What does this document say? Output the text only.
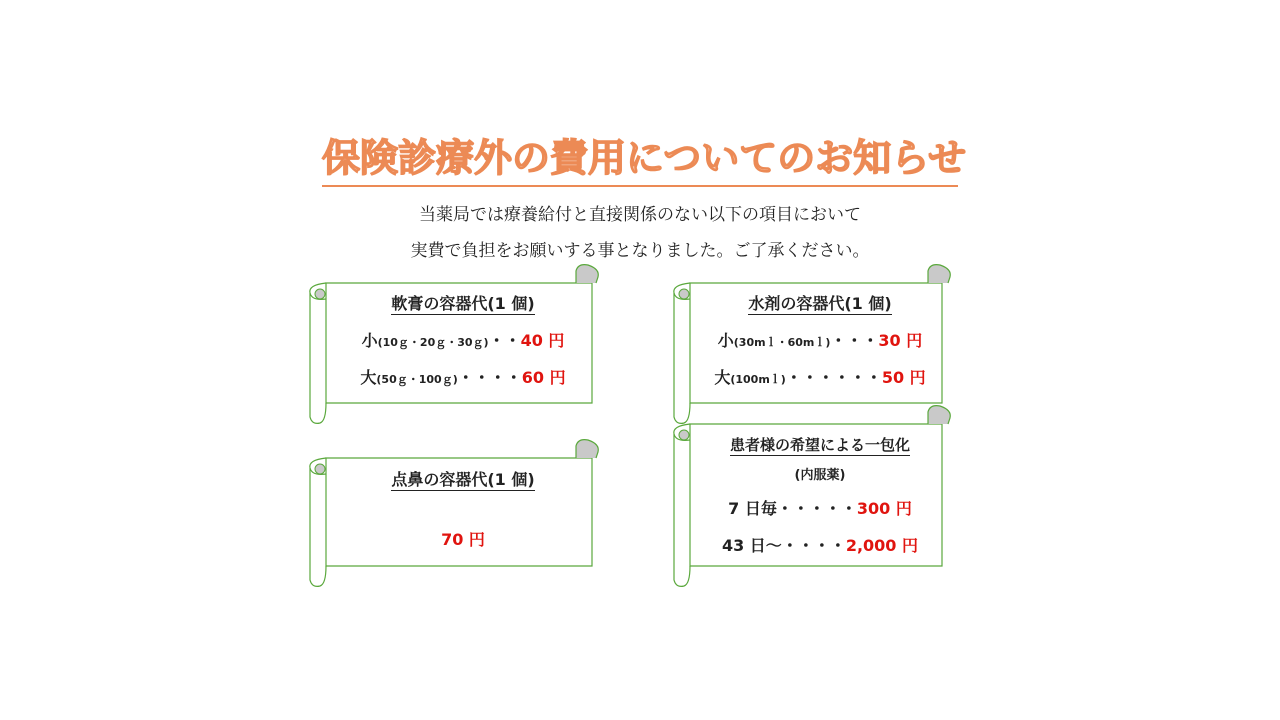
保険診療外の費用についてのお知らせ
当薬局では療養給付と直接関係のない以下の項目において
実費で負担をお願いする事となりました。ご了承ください。
軟膏の容器代(1 個)
小(10ｇ・20ｇ・30ｇ)・・40 円
大(50ｇ・100ｇ)・・・・60 円
水剤の容器代(1 個)
小(30mｌ・60mｌ)・・・30 円
大(100mｌ)・・・・・・50 円
点鼻の容器代(1 個)
70 円
患者様の希望による一包化
(内服薬)
7 日毎・・・・・300 円
43 日～・・・・2,000 円
